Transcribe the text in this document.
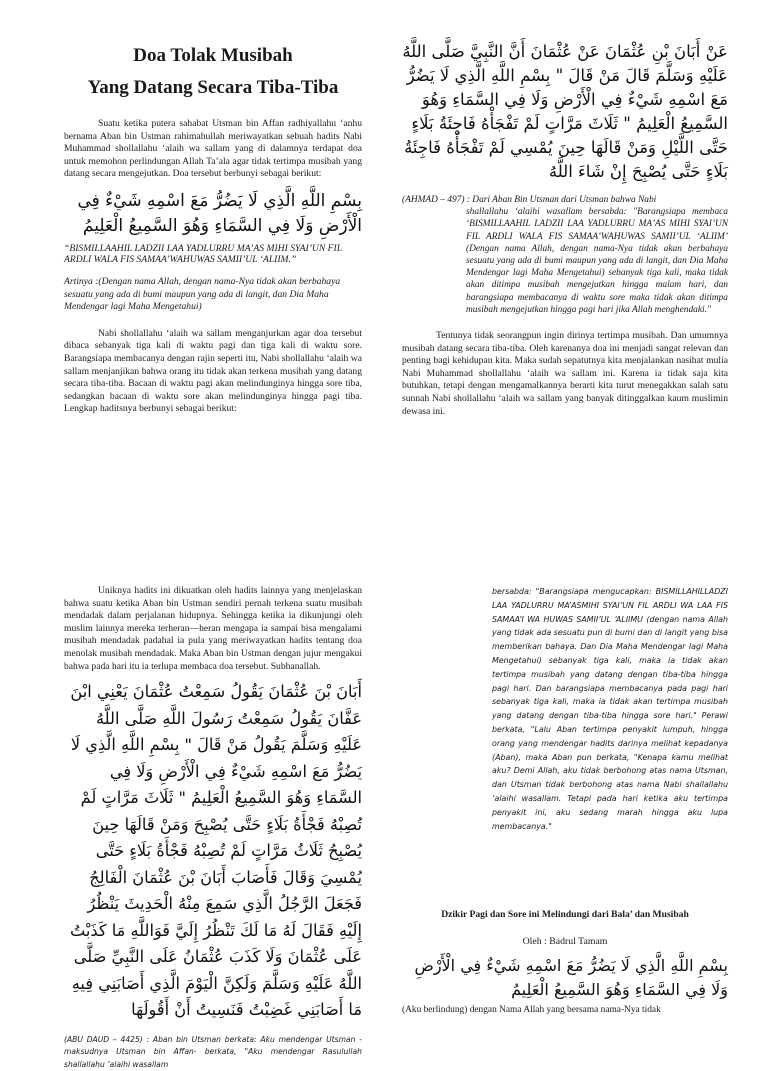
Doa Tolak Musibah
Yang Datang Secara Tiba-Tiba

Suatu ketika putera sahabat Utsman bin Affan radhiyallahu ‘anhu bernama Aban bin Ustman rahimahullah meriwayatkan sebuah hadits Nabi Muhammad shollallahu ‘alaih wa sallam yang di dalamnya terdapat doa untuk memohon perlindungan Allah Ta’ala agar tidak tertimpa musibah yang datang secara mengejutkan. Doa tersebut berbunyi sebagai berikut:

بِسْمِ اللَّهِ الَّذِي لَا يَضُرُّ مَعَ اسْمِهِ شَيْءٌ فِي الْأَرْضِ وَلَا فِي السَّمَاءِ وَهُوَ السَّمِيعُ الْعَلِيمُ

“BISMILLAAHIL LADZII LAA YADLURRU MA’AS MIHI SYAI’UN FIL ARDLI WALA FIS SAMAA’WAHUWAS SAMII’UL ‘ALIIM.”

Artinya :(Dengan nama Allah, dengan nama-Nya tidak akan berbahaya sesuatu yang ada di bumi maupun yang ada di langit, dan Dia Maha Mendengar lagi Maha Mengetahui)

Nabi shollallahu ‘alaih wa sallam menganjurkan agar doa tersebut dibaca sebanyak tiga kali di waktu pagi dan tiga kali di waktu sore. Barangsiapa membacanya dengan rajin seperti itu, Nabi shollallahu ‘alaih wa sallam menjanjikan bahwa orang itu tidak akan terkena musibah yang datang secara tiba-tiba. Bacaan di waktu pagi akan melindunginya hingga sore tiba, sedangkan bacaan di waktu sore akan melindunginya hingga pagi tiba. Lengkap haditsnya berbunyi sebagai berikut:

عَنْ أَبَانَ بْنِ عُثْمَانَ عَنْ عُثْمَانَ أَنَّ النَّبِيَّ صَلَّى اللَّهُ عَلَيْهِ وَسَلَّمَ قَالَ مَنْ قَالَ " بِسْمِ اللَّهِ الَّذِي لَا يَضُرُّ مَعَ اسْمِهِ شَيْءٌ فِي الْأَرْضِ وَلَا فِي السَّمَاءِ وَهُوَ السَّمِيعُ الْعَلِيمُ " ثَلَاثَ مَرَّاتٍ لَمْ تَفْجَأْهُ فَاجِئَةُ بَلَاءٍ حَتَّى اللَّيْلِ وَمَنْ قَالَهَا حِينَ يُمْسِي لَمْ تَفْجَأْهُ فَاجِئَةُ بَلَاءٍ حَتَّى يُصْبِحَ إِنْ شَاءَ اللَّهُ

(AHMAD – 497) : Dari Aban Bin Utsman dari Utsman bahwa Nabi
shallallahu ‘alaihi wasallam bersabda: "Barangsiapa membaca ‘BISMILLAAHIL LADZII LAA YADLURRU MA’AS MIHI SYAI’UN FIL ARDLI WALA FIS SAMAA’WAHUWAS SAMII’UL ‘ALIIM’ (Dengan nama Allah, dengan nama-Nya tidak akan berbahaya sesuatu yang ada di bumi maupun yang ada di langit, dan Dia Maha Mendengar lagi Maha Mengetahui) sebanyak tiga kali, maka tidak akan ditimpa musibah mengejutkan hingga malam hari, dan barangsiapa membacanya di waktu sore maka tidak akan ditimpa musibah mengejutkan hingga pagi hari jika Allah menghendaki."

Tentunya tidak seorangpun ingin dirinya tertimpa musibah. Dan umumnya musibah datang secara tiba-tiba. Oleh karenanya doa ini menjadi sangat relevan dan penting bagi kehidupan kita. Maka sudah sepatutnya kita menjalankan nasihat mulia Nabi Muhammad shollallahu ‘alaih wa sallam ini. Karena ia tidak saja kita butuhkan, tetapi dengan mengamalkannya berarti kita turut menegakkan salah satu sunnah Nabi shollallahu ‘alaih wa sallam yang banyak ditinggalkan kaum muslimin dewasa ini.

Uniknya hadits ini dikuatkan oleh hadits lainnya yang menjelaskan bahwa suatu ketika Aban bin Ustman sendiri pernah terkena suatu musibah mendadak dalam perjalanan hidupnya. Sehingga ketika ia dikunjungi oleh muslim lainnya mereka terheran—heran mengapa ia sampai bisa mengalami musibah mendadak padahal ia pula yang meriwayatkan hadits tentang doa menolak musibah mendadak. Maka Aban bin Ustman dengan jujur mengakui bahwa pada hari itu ia terlupa membaca doa tersebut. Subhanallah.

أَبَانَ بْنَ عُثْمَانَ يَقُولُ سَمِعْتُ عُثْمَانَ يَعْنِي ابْنَ عَفَّانَ يَقُولُ سَمِعْتُ رَسُولَ اللَّهِ صَلَّى اللَّهُ عَلَيْهِ وَسَلَّمَ يَقُولُ مَنْ قَالَ " بِسْمِ اللَّهِ الَّذِي لَا يَضُرُّ مَعَ اسْمِهِ شَيْءٌ فِي الْأَرْضِ وَلَا فِي السَّمَاءِ وَهُوَ السَّمِيعُ الْعَلِيمُ " ثَلَاثَ مَرَّاتٍ لَمْ تُصِبْهُ فَجْأَةُ بَلَاءٍ حَتَّى يُصْبِحَ وَمَنْ قَالَهَا حِينَ يُصْبِحُ ثَلَاثُ مَرَّاتٍ لَمْ تُصِبْهُ فَجْأَةُ بَلَاءٍ حَتَّى يُمْسِيَ وَقَالَ فَأَصَابَ أَبَانَ بْنَ عُثْمَانَ الْفَالِجُ فَجَعَلَ الرَّجُلُ الَّذِي سَمِعَ مِنْهُ الْحَدِيثَ يَنْظُرُ إِلَيْهِ فَقَالَ لَهُ مَا لَكَ تَنْظُرُ إِلَيَّ فَوَاللَّهِ مَا كَذَبْتُ عَلَى عُثْمَانَ وَلَا كَذَبَ عُثْمَانُ عَلَى النَّبِيِّ صَلَّى اللَّهُ عَلَيْهِ وَسَلَّمَ وَلَكِنَّ الْيَوْمَ الَّذِي أَصَابَنِي فِيهِ مَا أَصَابَنِي غَضِبْتُ فَنَسِيتُ أَنْ أَقُولَهَا

(ABU DAUD – 4425) : Aban bin Utsman berkata: Aku mendengar Utsman - maksudnya Utsman bin Affan- berkata, "Aku mendengar Rasulullah shallallahu ‘alaihi wasallam

bersabda: "Barangsiapa mengucapkan: BISMILLAHILLADZI LAA YADLURRU MA’ASMIHI SYAI’UN FIL ARDLI WA LAA FIS SAMAA’I WA HUWAS SAMII’UL ‘ALIIMU (dengan nama Allah yang tidak ada sesuatu pun di bumi dan di langit yang bisa memberikan bahaya. Dan Dia Maha Mendengar lagi Maha Mengetahui) sebanyak tiga kali, maka ia tidak akan tertimpa musibah yang datang dengan tiba-tiba hingga pagi hari. Dan barangsiapa membacanya pada pagi hari sebanyak tiga kali, maka ia tidak akan tertimpa musibah yang datang dengan tiba-tiba hingga sore hari." Perawi berkata, "Lalu Aban tertimpa penyakit lumpuh, hingga orang yang mendengar hadits darinya melihat kepadanya (Aban), maka Aban pun berkata, "Kenapa kamu melihat aku? Demi Allah, aku tidak berbohong atas nama Utsman, dan Utsman tidak berbohong atas nama Nabi shallallahu ‘alaihi wasallam. Tetapi pada hari ketika aku tertimpa penyakit ini, aku sedang marah hingga aku lupa membacanya."

Dzikir Pagi dan Sore ini Melindungi dari Bala’ dan Musibah
Oleh : Badrul Tamam

بِسْمِ اللَّهِ الَّذِي لَا يَضُرُّ مَعَ اسْمِهِ شَيْءٌ فِي الْأَرْضِ وَلَا فِي السَّمَاءِ وَهُوَ السَّمِيعُ الْعَلِيمُ

(Aku berlindung) dengan Nama Allah yang bersama nama-Nya tidak
